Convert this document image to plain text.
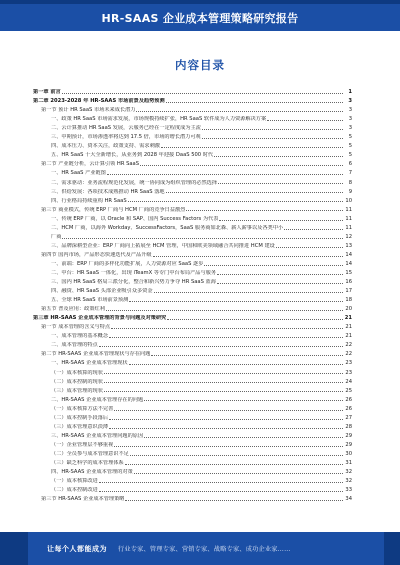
HR-SAAS 企业成本管理策略研究报告
内容目录
第一章 前言	1
第二章 2023-2028 年 HR-SAAS 市场前景及趋势预测	3
第一节 预计 HR SaaS 市场未来成长潜力	3
一、政策 HR SaaS 市场需求发展，市场规模持续扩张，HR SaaS 软件成为人力资源解决方案	3
二、云计算推动 HR SaaS 发展，云服务已经在一定程度成为主流	3
三、中期预计，市场渗透率将达到 17.5 倍，市场的增长潜力可观	5
四、成本压力、资本关注，政策支持、需求刺激	5
五、HR SaaS 十大全新增长，从业务到 2028 年迎接 DaaS 500 时代	5
第二节 产业链分析，云计算引领 HR SaaS	6
一、HR SaaS 产业链图	7
二、需求驱动：业务流程规范化发展，统一协同成为组织管理的必然选择	8
三、供给发展：各项技术成熟推动 HR SaaS 落地	9
四、行业格局持续重构 HR SaaS	10
第三节 商业模式，传统 ERP 厂商与 HCM 厂商的竞争日益激烈	11
一、传统 ERP 厂商，以 Oracle 和 SAP、国内 Success Factors 为代表	11
二、HCM 厂商，以海外 Workday、SuccessFactors，SaaS 服务商如北森、薪人薪事以及各类中小	11
厂商	12
三、品牌深耕型企业：ERP 厂商向上拓展至 HCM 管理，中国和欧美领域融合共同推进 HCM 建设	13
第四节 国内市场，产品形态快速迭代及产品升级	14
一、前端：ERP 厂商的多样化功能扩展，人力资源对应 SaaS 逐步	14
二、中台：HR SaaS 一体化，出现 iTeamX 等专门中台布局产品与服务	15
三、国内 HR SaaS 格局三派分化，整合和新兴势力争夺 HR SaaS 蓝海	16
四、融资、HR SaaS 头部企业吸引众多资金	17
五、全球 HR SaaS 市场前景预测	18
第五节 普及应用：政策红利	20
第三章 HR-SAAS 企业成本管理的背景与问题及对策研究	21
第一节 成本管理的含义与特点	21
一、成本管理的基本概念	21
二、成本管理的特点	22
第二节 HR-SAAS 企业成本管理现状与存在问题	22
一、HR-SAAS 企业成本管理现状	23
（一）成本核算的现状	23
（二）成本控制的现状	24
（三）成本管理的现状	25
二、HR-SAAS 企业成本管理存在的问题	26
（一）成本核算方法不完善	26
（二）成本控制手段落后	27
（三）成本管理意识淡薄	28
三、HR-SAAS 企业成本管理问题的原因	29
（一）企业管理层不够重视	29
（二）全员参与成本管理意识不足	30
（三）缺乏科学的成本管理体系	31
四、HR-SAAS 企业成本管理的对策	32
（一）成本核算改进	32
（二）成本控制改进	33
第三节 HR-SAAS 企业成本管理策略	34
让每个人都能成为 行业专家、管理专家、营销专家、战略专家、成功企业家……
